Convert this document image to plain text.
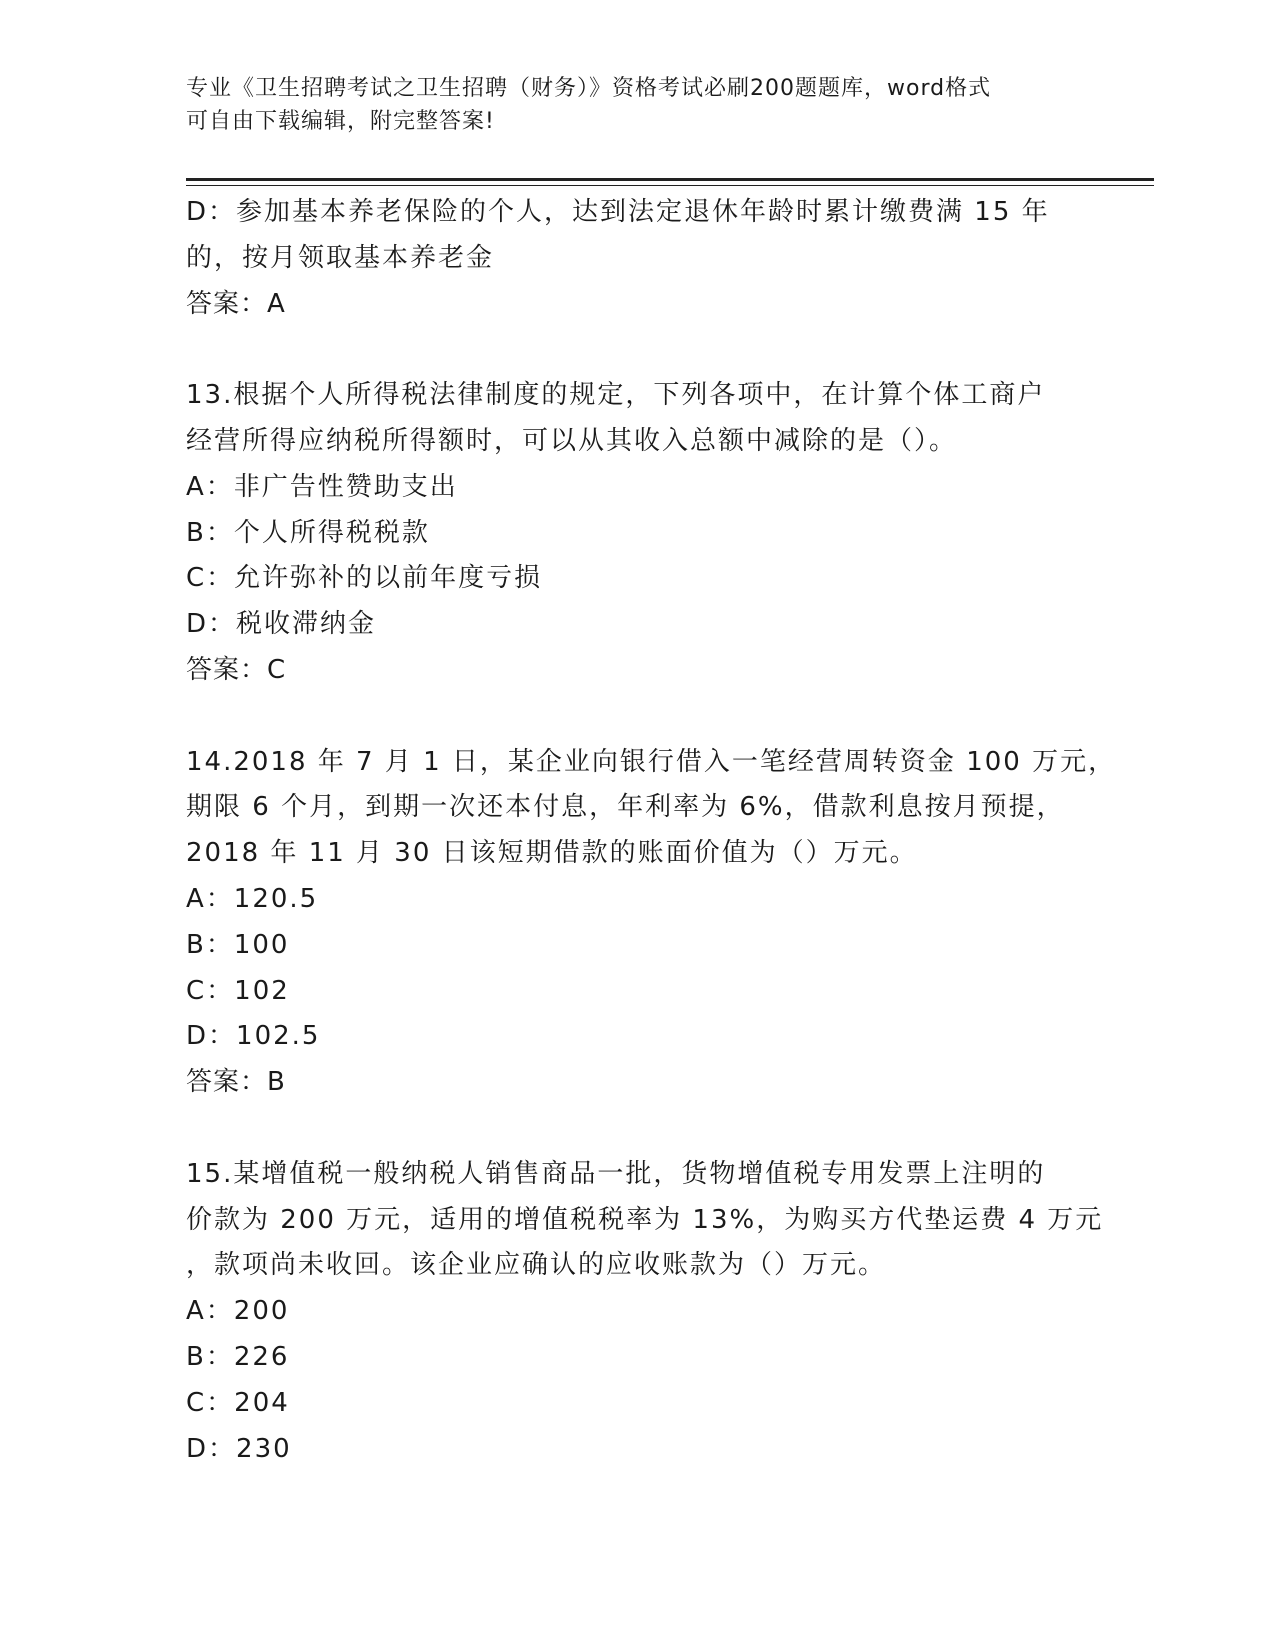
专业《卫生招聘考试之卫生招聘（财务）》资格考试必刷200题题库，word格式
可自由下载编辑，附完整答案!
D：参加基本养老保险的个人，达到法定退休年龄时累计缴费满 15 年
的，按月领取基本养老金
答案：A
13.根据个人所得税法律制度的规定，下列各项中，在计算个体工商户
经营所得应纳税所得额时，可以从其收入总额中减除的是（）。
A：非广告性赞助支出
B：个人所得税税款
C：允许弥补的以前年度亏损
D：税收滞纳金
答案：C
14.2018 年 7 月 1 日，某企业向银行借入一笔经营周转资金 100 万元，
期限 6 个月，到期一次还本付息，年利率为 6%，借款利息按月预提，
2018 年 11 月 30 日该短期借款的账面价值为（）万元。
A：120.5
B：100
C：102
D：102.5
答案：B
15.某增值税一般纳税人销售商品一批，货物增值税专用发票上注明的
价款为 200 万元，适用的增值税税率为 13%，为购买方代垫运费 4 万元
，款项尚未收回。该企业应确认的应收账款为（）万元。
A：200
B：226
C：204
D：230
